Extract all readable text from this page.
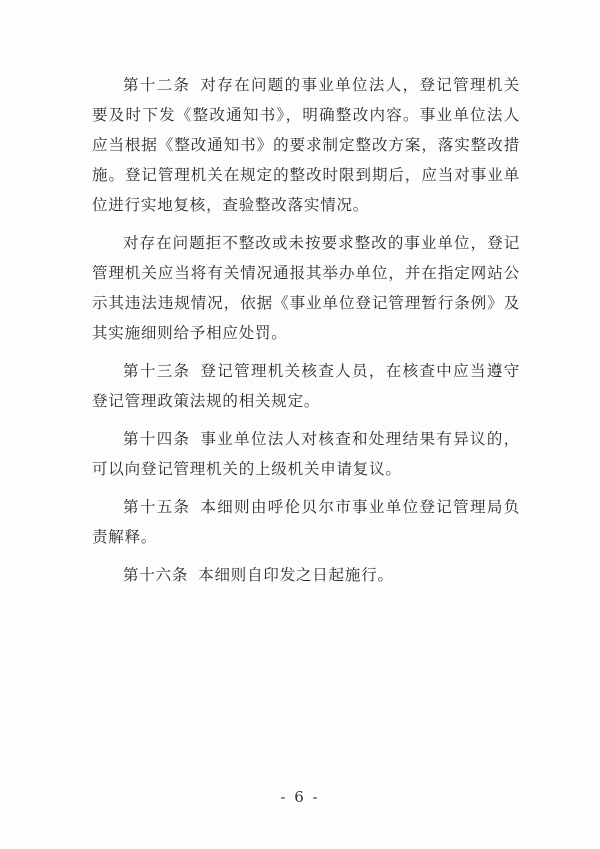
第十二条 对存在问题的事业单位法人，登记管理机关要及时下发《整改通知书》，明确整改内容。事业单位法人应当根据《整改通知书》的要求制定整改方案，落实整改措施。登记管理机关在规定的整改时限到期后，应当对事业单位进行实地复核，查验整改落实情况。

对存在问题拒不整改或未按要求整改的事业单位，登记管理机关应当将有关情况通报其举办单位，并在指定网站公示其违法违规情况，依据《事业单位登记管理暂行条例》及其实施细则给予相应处罚。

第十三条 登记管理机关核查人员，在核查中应当遵守登记管理政策法规的相关规定。

第十四条 事业单位法人对核查和处理结果有异议的，可以向登记管理机关的上级机关申请复议。

第十五条 本细则由呼伦贝尔市事业单位登记管理局负责解释。

第十六条 本细则自印发之日起施行。

- 6 -
